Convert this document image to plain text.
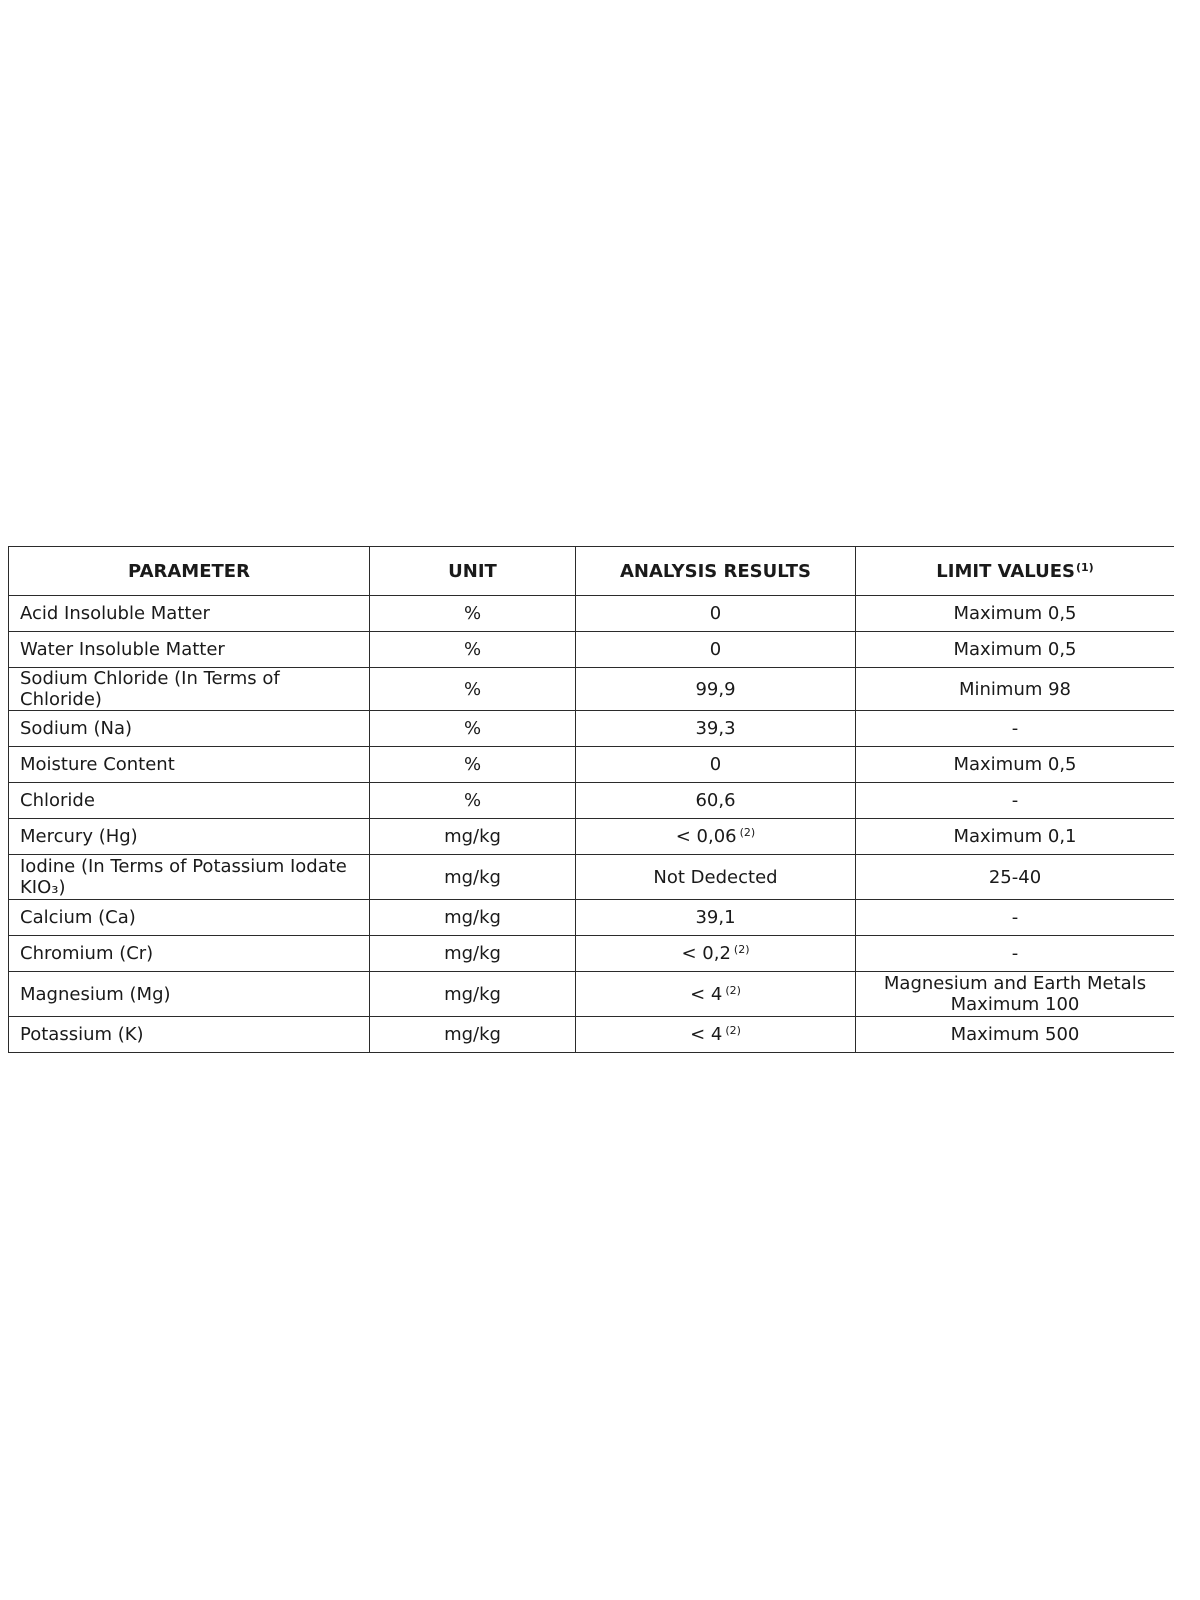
PARAMETER	UNIT	ANALYSIS RESULTS	LIMIT VALUES$^{(1)}$
Acid Insoluble Matter	%	0	Maximum 0,5
Water Insoluble Matter	%	0	Maximum 0,5
Sodium Chloride (In Terms of Chloride)	%	99,9	Minimum 98
Sodium (Na)	%	39,3	-
Moisture Content	%	0	Maximum 0,5
Chloride	%	60,6	-
Mercury (Hg)	mg/kg	< 0,06 $^{(2)}$	Maximum 0,1
Iodine (In Terms of Potassium Iodate KIO₃)	mg/kg	Not Dedected	25-40
Calcium (Ca)	mg/kg	39,1	-
Chromium (Cr)	mg/kg	< 0,2 $^{(2)}$	-
Magnesium (Mg)	mg/kg	< 4 $^{(2)}$	Magnesium and Earth Metals Maximum 100
Potassium (K)	mg/kg	< 4 $^{(2)}$	Maximum 500
